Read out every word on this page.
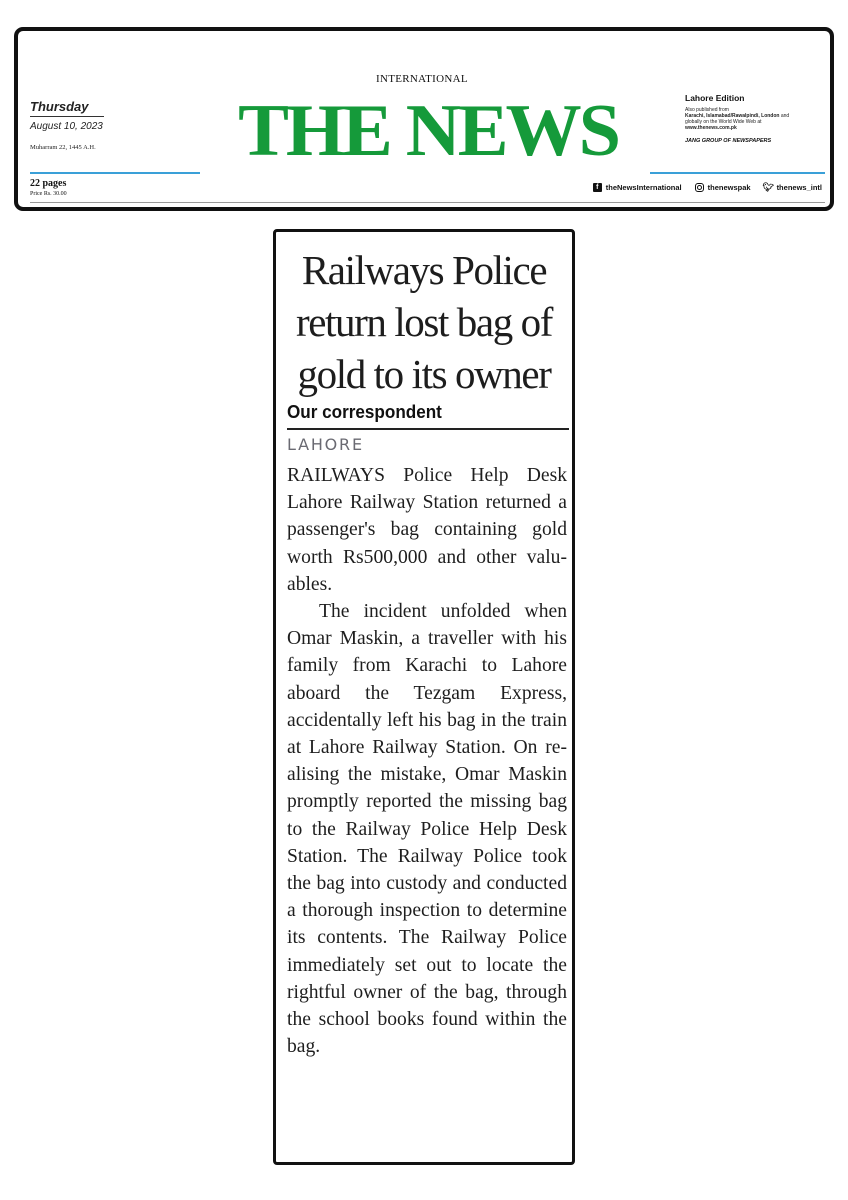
Thursday
August 10, 2023
Muharram 22, 1445 A.H.
INTERNATIONAL
THE NEWS	Lahore Edition
Also published from
Karachi, Islamabad/Rawalpindi, London and
globally on the World Wide Web at
www.thenews.com.pk
JANG GROUP OF NEWSPAPERS
22 pages
Price Rs. 30.00
f theNewsInternational	thenewspak 🐦︎ thenews_intl
Railways Police
return lost bag of
gold to its owner
Our correspondent
LAHORE

RAILWAYS Police Help Desk Lahore Railway Station returned a passenger's bag containing gold worth Rs500,000 and other valuables.

The incident unfolded when Omar Maskin, a traveller with his family from Karachi to Lahore aboard the Tezgam Express, accidentally left his bag in the train at Lahore Railway Station. On realising the mistake, Omar Maskin promptly reported the missing bag to the Railway Police Help Desk Station. The Railway Police took the bag into custody and conducted a thorough inspection to determine its contents. The Railway Police immediately set out to locate the rightful owner of the bag, through the school books found within the bag.
